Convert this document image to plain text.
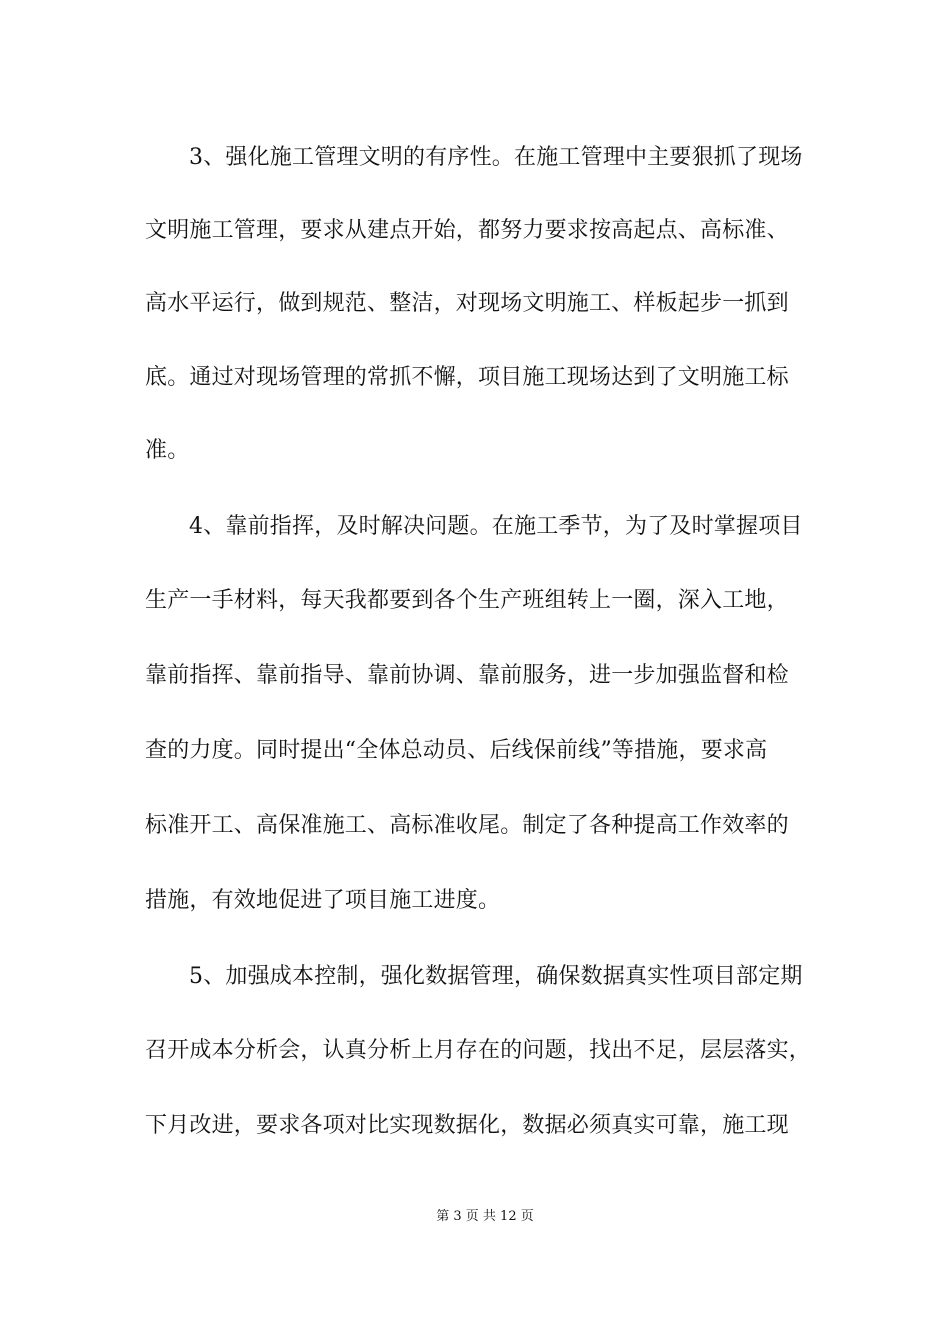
3、强化施工管理文明的有序性。在施工管理中主要狠抓了现场
文明施工管理，要求从建点开始，都努力要求按高起点、高标准、
高水平运行，做到规范、整洁，对现场文明施工、样板起步一抓到
底。通过对现场管理的常抓不懈，项目施工现场达到了文明施工标
准。
4、靠前指挥，及时解决问题。在施工季节，为了及时掌握项目
生产一手材料，每天我都要到各个生产班组转上一圈，深入工地，
靠前指挥、靠前指导、靠前协调、靠前服务，进一步加强监督和检
查的力度。同时提出“全体总动员、后线保前线”等措施，要求高
标准开工、高保准施工、高标准收尾。制定了各种提高工作效率的
措施，有效地促进了项目施工进度。
5、加强成本控制，强化数据管理，确保数据真实性项目部定期
召开成本分析会，认真分析上月存在的问题，找出不足，层层落实，
下月改进，要求各项对比实现数据化，数据必须真实可靠，施工现
第 3 页 共 12 页
